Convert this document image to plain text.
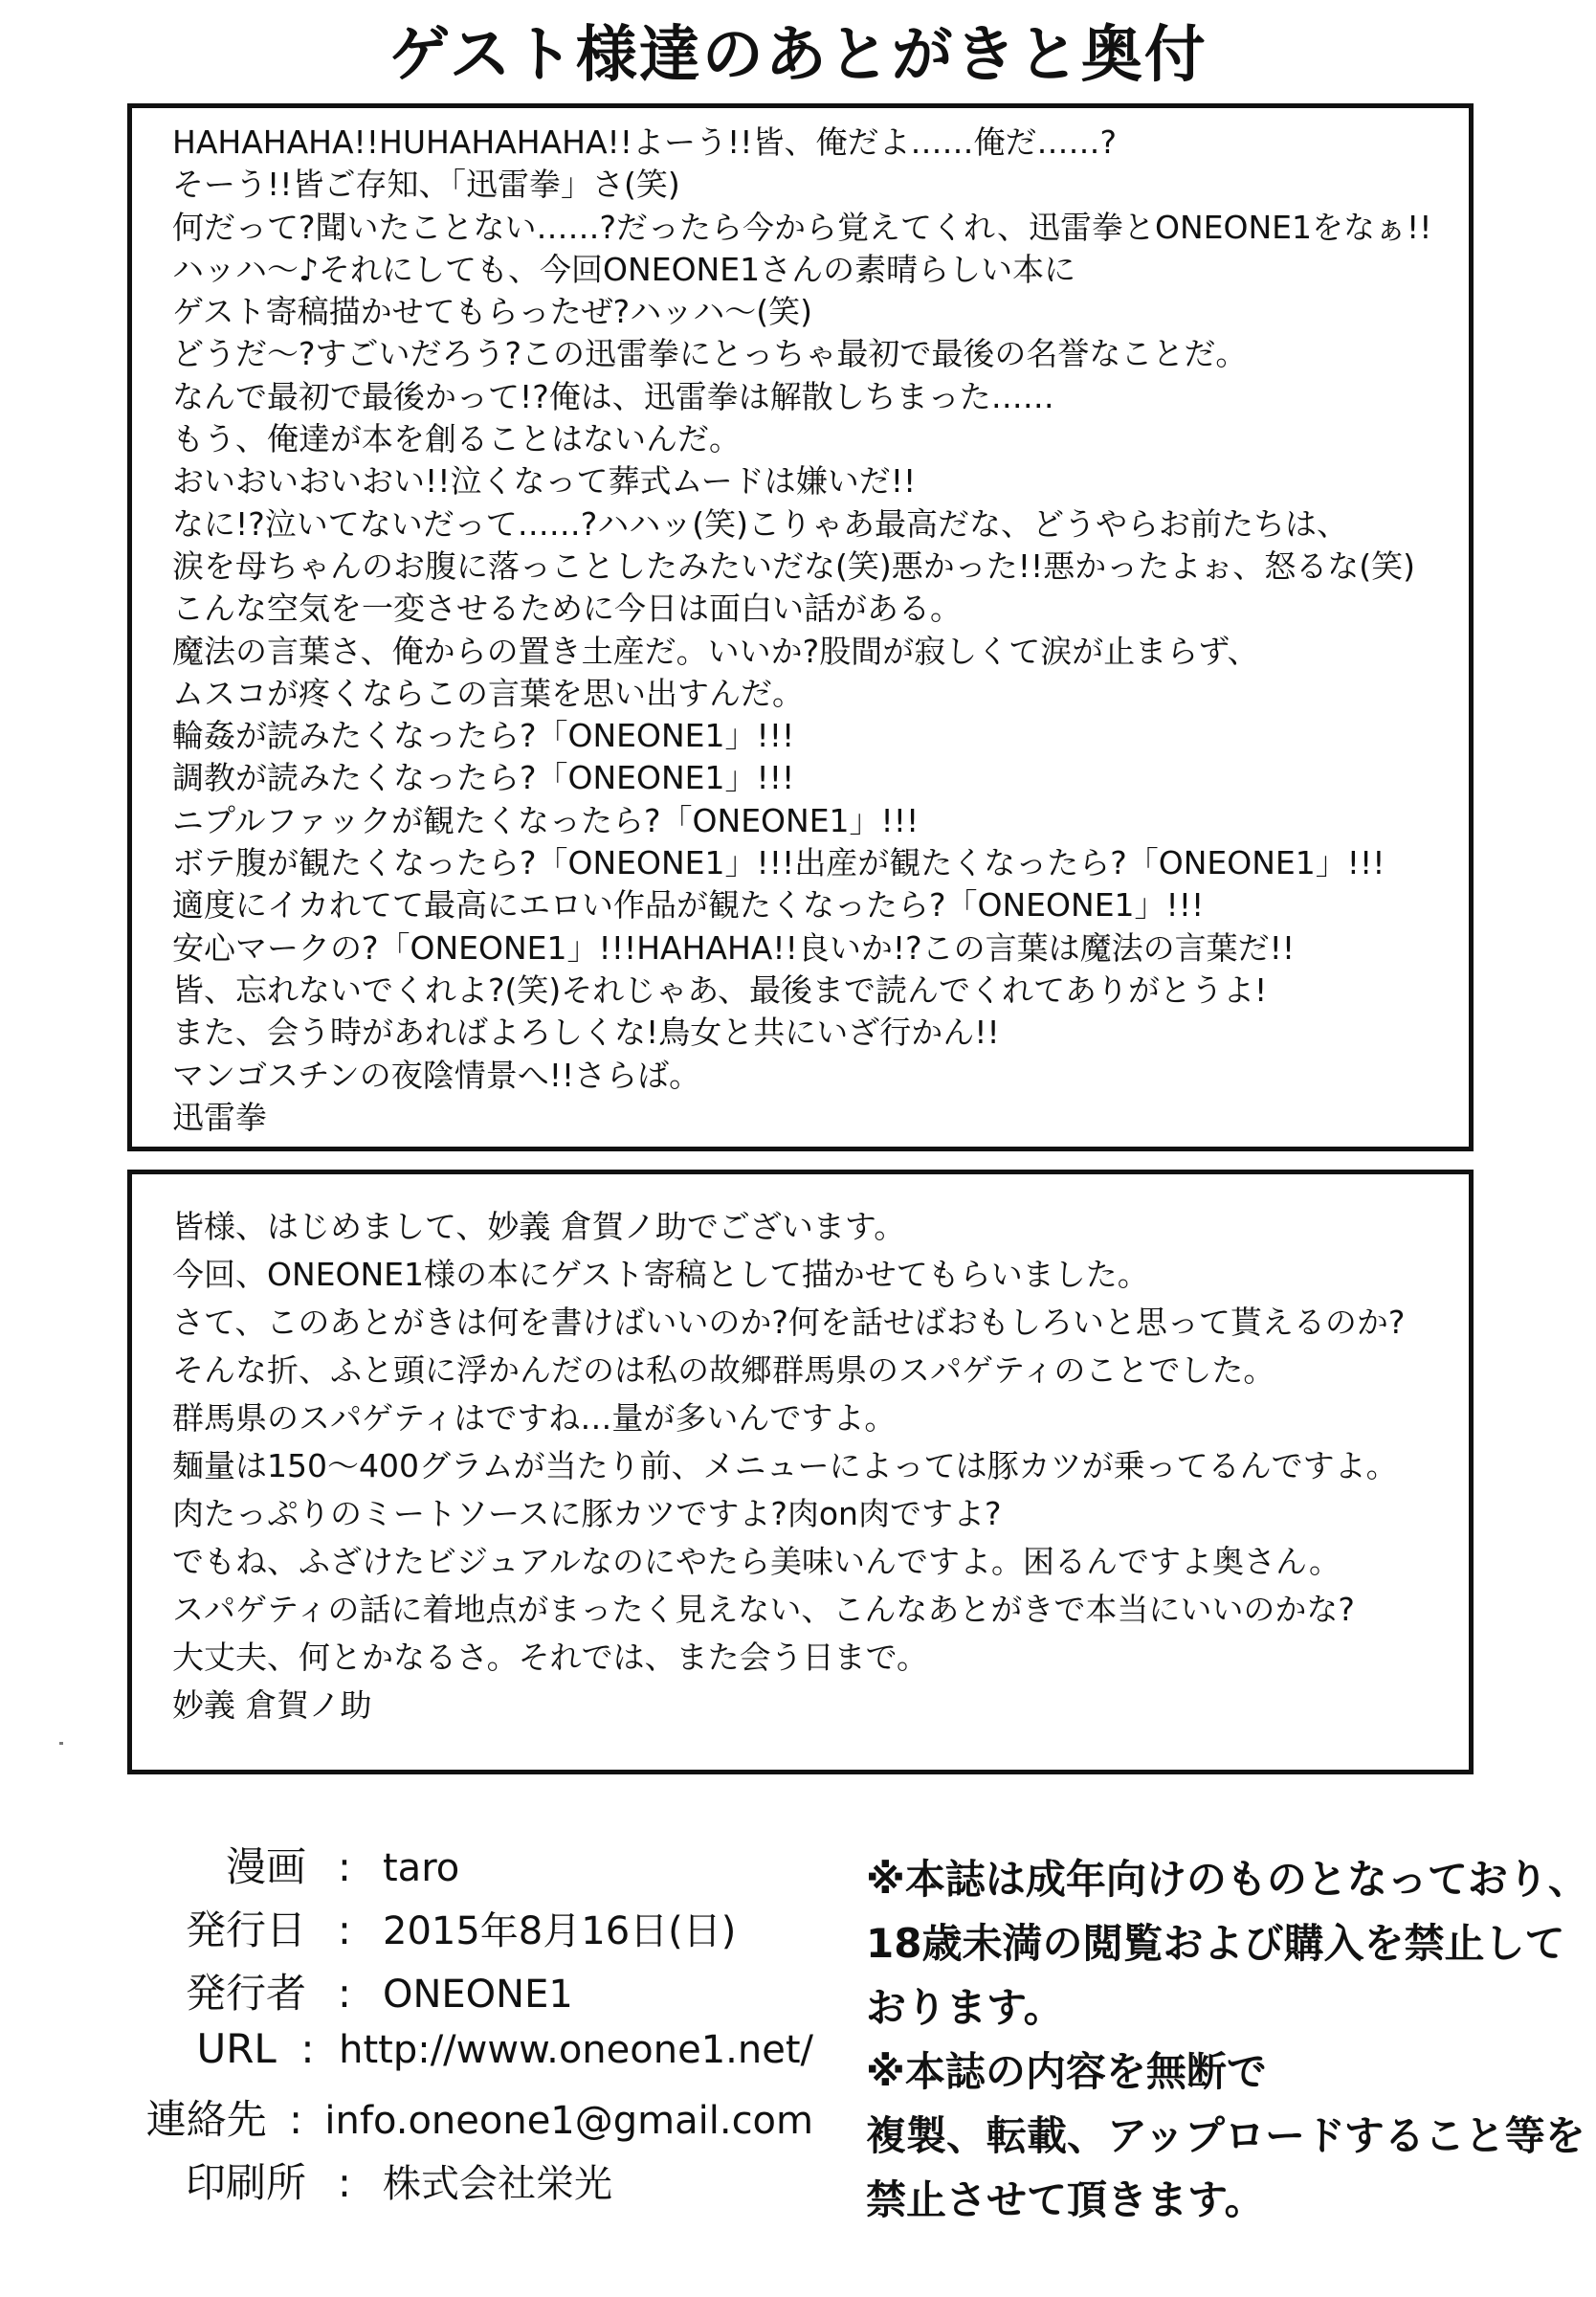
ゲスト様達のあとがきと奥付

HAHAHAHA!!HUHAHAHAHA!!よーう!!皆、俺だよ……俺だ……?

そーう!!皆ご存知、「迅雷拳」さ(笑)

何だって?聞いたことない……?だったら今から覚えてくれ、迅雷拳とONEONE1をなぁ!!

ハッハ～♪それにしても、今回ONEONE1さんの素晴らしい本に

ゲスト寄稿描かせてもらったぜ?ハッハ～(笑)

どうだ～?すごいだろう?この迅雷拳にとっちゃ最初で最後の名誉なことだ。

なんで最初で最後かって!?俺は、迅雷拳は解散しちまった……

もう、俺達が本を創ることはないんだ。

おいおいおいおい!!泣くなって葬式ムードは嫌いだ!!

なに!?泣いてないだって……?ハハッ(笑)こりゃあ最高だな、どうやらお前たちは、

涙を母ちゃんのお腹に落っことしたみたいだな(笑)悪かった!!悪かったよぉ、怒るな(笑)

こんな空気を一変させるために今日は面白い話がある。

魔法の言葉さ、俺からの置き土産だ。いいか?股間が寂しくて涙が止まらず、

ムスコが疼くならこの言葉を思い出すんだ。

輪姦が読みたくなったら?「ONEONE1」!!!

調教が読みたくなったら?「ONEONE1」!!!

ニプルファックが観たくなったら?「ONEONE1」!!!

ボテ腹が観たくなったら?「ONEONE1」!!!出産が観たくなったら?「ONEONE1」!!!

適度にイカれてて最高にエロい作品が観たくなったら?「ONEONE1」!!!

安心マークの?「ONEONE1」!!!HAHAHA!!良いか!?この言葉は魔法の言葉だ!!

皆、忘れないでくれよ?(笑)それじゃあ、最後まで読んでくれてありがとうよ!

また、会う時があればよろしくな!鳥女と共にいざ行かん!!

マンゴスチンの夜陰情景へ!!さらば。

迅雷拳

皆様、はじめまして、妙義 倉賀ノ助でございます。

今回、ONEONE1様の本にゲスト寄稿として描かせてもらいました。

さて、このあとがきは何を書けばいいのか?何を話せばおもしろいと思って貰えるのか?

そんな折、ふと頭に浮かんだのは私の故郷群馬県のスパゲティのことでした。

群馬県のスパゲティはですね…量が多いんですよ。

麺量は150～400グラムが当たり前、メニューによっては豚カツが乗ってるんですよ。

肉たっぷりのミートソースに豚カツですよ?肉on肉ですよ?

でもね、ふざけたビジュアルなのにやたら美味いんですよ。困るんですよ奥さん。

スパゲティの話に着地点がまったく見えない、こんなあとがきで本当にいいのかな?

大丈夫、何とかなるさ。それでは、また会う日まで。

妙義 倉賀ノ助

漫画 : taro
発行日 : 2015年8月16日(日)
発行者 : ONEONE1
URL : http://www.oneone1.net/
連絡先 : info.oneone1@gmail.com
印刷所 : 株式会社栄光

※本誌は成年向けのものとなっており、

18歳未満の閲覧および購入を禁止して

おります。

※本誌の内容を無断で

複製、転載、アップロードすること等を

禁止させて頂きます。
